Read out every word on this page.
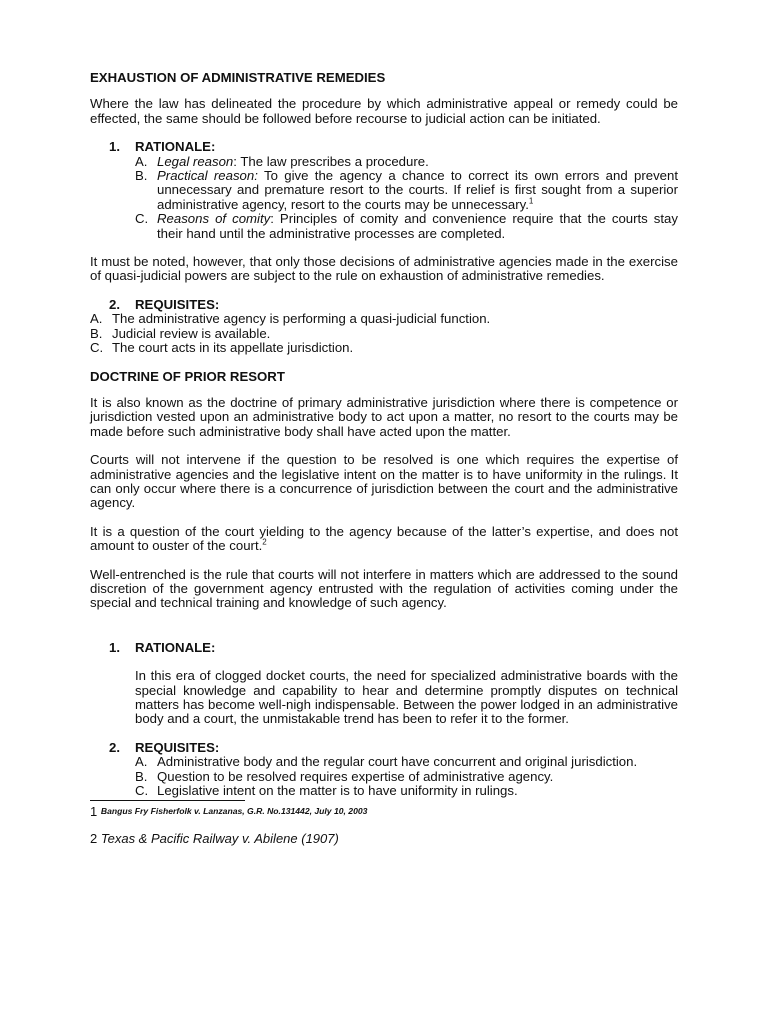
EXHAUSTION OF ADMINISTRATIVE REMEDIES

Where the law has delineated the procedure by which administrative appeal or remedy could be effected, the same should be followed before recourse to judicial action can be initiated.

1. RATIONALE:
A. Legal reason: The law prescribes a procedure.
B. Practical reason: To give the agency a chance to correct its own errors and prevent unnecessary and premature resort to the courts. If relief is first sought from a superior administrative agency, resort to the courts may be unnecessary.$^1$
C. Reasons of comity: Principles of comity and convenience require that the courts stay their hand until the administrative processes are completed.

It must be noted, however, that only those decisions of administrative agencies made in the exercise of quasi-judicial powers are subject to the rule on exhaustion of administrative remedies.

2. REQUISITES:
A. The administrative agency is performing a quasi-judicial function.
B. Judicial review is available.
C. The court acts in its appellate jurisdiction.
DOCTRINE OF PRIOR RESORT

It is also known as the doctrine of primary administrative jurisdiction where there is competence or jurisdiction vested upon an administrative body to act upon a matter, no resort to the courts may be made before such administrative body shall have acted upon the matter.

Courts will not intervene if the question to be resolved is one which requires the expertise of administrative agencies and the legislative intent on the matter is to have uniformity in the rulings. It can only occur where there is a concurrence of jurisdiction between the court and the administrative agency.

It is a question of the court yielding to the agency because of the latter’s expertise, and does not amount to ouster of the court.$^2$

Well-entrenched is the rule that courts will not interfere in matters which are addressed to the sound discretion of the government agency entrusted with the regulation of activities coming under the special and technical training and knowledge of such agency.

1. RATIONALE:

In this era of clogged docket courts, the need for specialized administrative boards with the special knowledge and capability to hear and determine promptly disputes on technical matters has become well-nigh indispensable. Between the power lodged in an administrative body and a court, the unmistakable trend has been to refer it to the former.

2. REQUISITES:
A. Administrative body and the regular court have concurrent and original jurisdiction.
B. Question to be resolved requires expertise of administrative agency.
C. Legislative intent on the matter is to have uniformity in rulings.
1 Bangus Fry Fisherfolk v. Lanzanas, G.R. No.131442, July 10, 2003
2 Texas & Pacific Railway v. Abilene (1907)
